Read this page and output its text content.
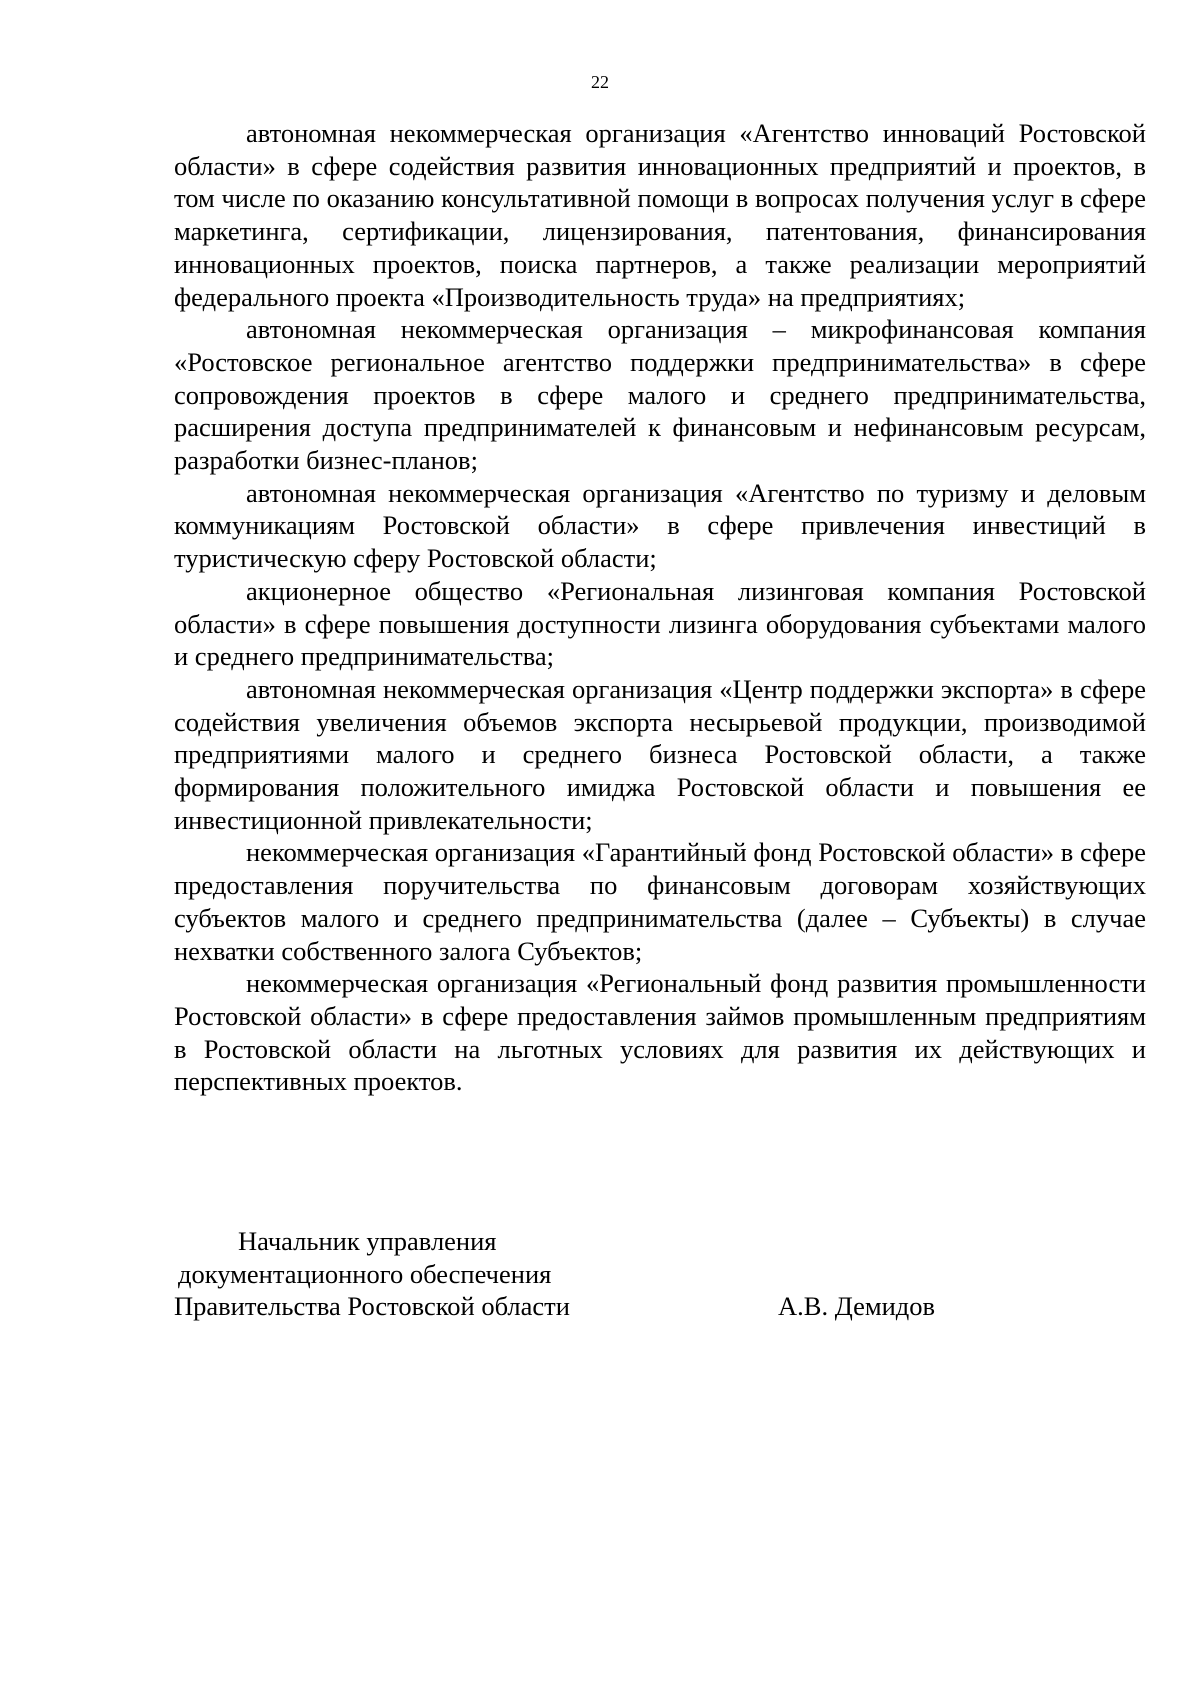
22

автономная некоммерческая организация «Агентство инноваций Ростовской области» в сфере содействия развития инновационных предприятий и проектов, в том числе по оказанию консультативной помощи в вопросах получения услуг в сфере маркетинга, сертификации, лицензирования, патентования, финансирования инновационных проектов, поиска партнеров, а также реализации мероприятий федерального проекта «Производительность труда» на предприятиях;

автономная некоммерческая организация – микрофинансовая компания «Ростовское региональное агентство поддержки предпринимательства» в сфере сопровождения проектов в сфере малого и среднего предпринимательства, расширения доступа предпринимателей к финансовым и нефинансовым ресурсам, разработки бизнес-планов;

автономная некоммерческая организация «Агентство по туризму и деловым коммуникациям Ростовской области» в сфере привлечения инвестиций в туристическую сферу Ростовской области;

акционерное общество «Региональная лизинговая компания Ростовской области» в сфере повышения доступности лизинга оборудования субъектами малого и среднего предпринимательства;

автономная некоммерческая организация «Центр поддержки экспорта» в сфере содействия увеличения объемов экспорта несырьевой продукции, производимой предприятиями малого и среднего бизнеса Ростовской области, а также формирования положительного имиджа Ростовской области и повышения ее инвестиционной привлекательности;

некоммерческая организация «Гарантийный фонд Ростовской области» в сфере предоставления поручительства по финансовым договорам хозяйствующих субъектов малого и среднего предпринимательства (далее – Субъекты) в случае нехватки собственного залога Субъектов;

некоммерческая организация «Региональный фонд развития промышленности Ростовской области» в сфере предоставления займов промышленным предприятиям в Ростовской области на льготных условиях для развития их действующих и перспективных проектов.

Начальник управления
документационного обеспечения
Правительства Ростовской области	А.В. Демидов
